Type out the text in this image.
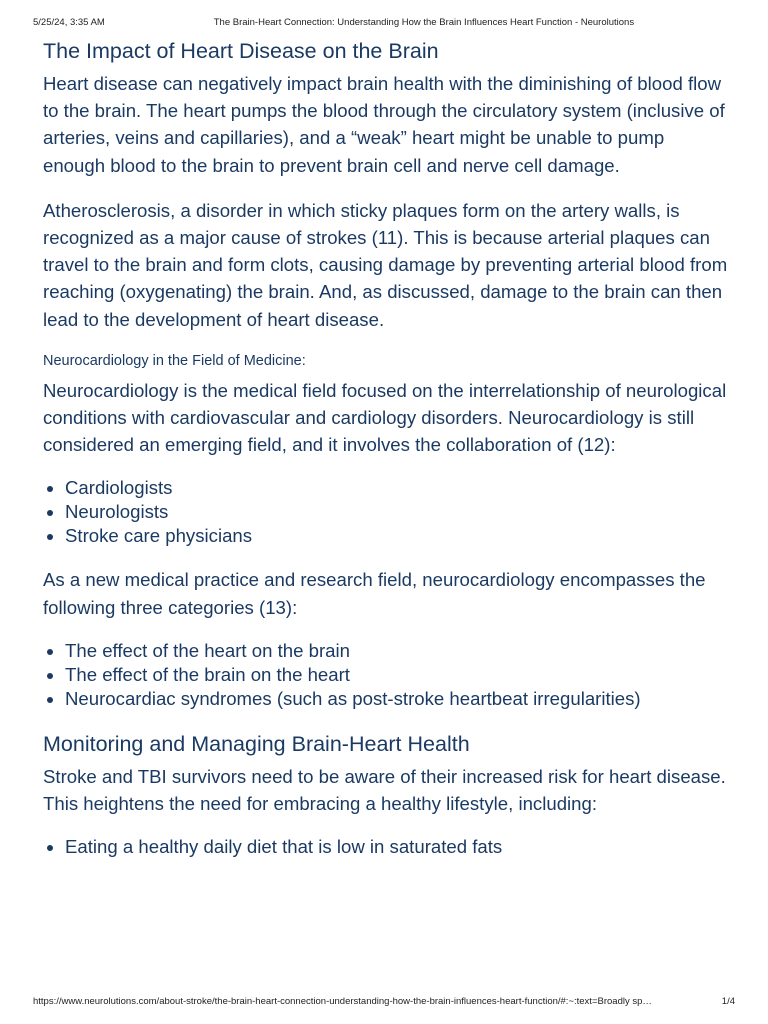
5/25/24, 3:35 AM	The Brain-Heart Connection: Understanding How the Brain Influences Heart Function - Neurolutions
The Impact of Heart Disease on the Brain

Heart disease can negatively impact brain health with the diminishing of blood flow to the brain. The heart pumps the blood through the circulatory system (inclusive of arteries, veins and capillaries), and a “weak” heart might be unable to pump enough blood to the brain to prevent brain cell and nerve cell damage.

Atherosclerosis, a disorder in which sticky plaques form on the artery walls, is recognized as a major cause of strokes (11). This is because arterial plaques can travel to the brain and form clots, causing damage by preventing arterial blood from reaching (oxygenating) the brain. And, as discussed, damage to the brain can then lead to the development of heart disease.

Neurocardiology in the Field of Medicine:

Neurocardiology is the medical field focused on the interrelationship of neurological conditions with cardiovascular and cardiology disorders. Neurocardiology is still considered an emerging field, and it involves the collaboration of (12):

• Cardiologists
• Neurologists
• Stroke care physicians

As a new medical practice and research field, neurocardiology encompasses the following three categories (13):

• The effect of the heart on the brain
• The effect of the brain on the heart
• Neurocardiac syndromes (such as post-stroke heartbeat irregularities)
Monitoring and Managing Brain-Heart Health

Stroke and TBI survivors need to be aware of their increased risk for heart disease. This heightens the need for embracing a healthy lifestyle, including:

• Eating a healthy daily diet that is low in saturated fats
https://www.neurolutions.com/about-stroke/the-brain-heart-connection-understanding-how-the-brain-influences-heart-function/#:~:text=Broadly sp…	1/4
